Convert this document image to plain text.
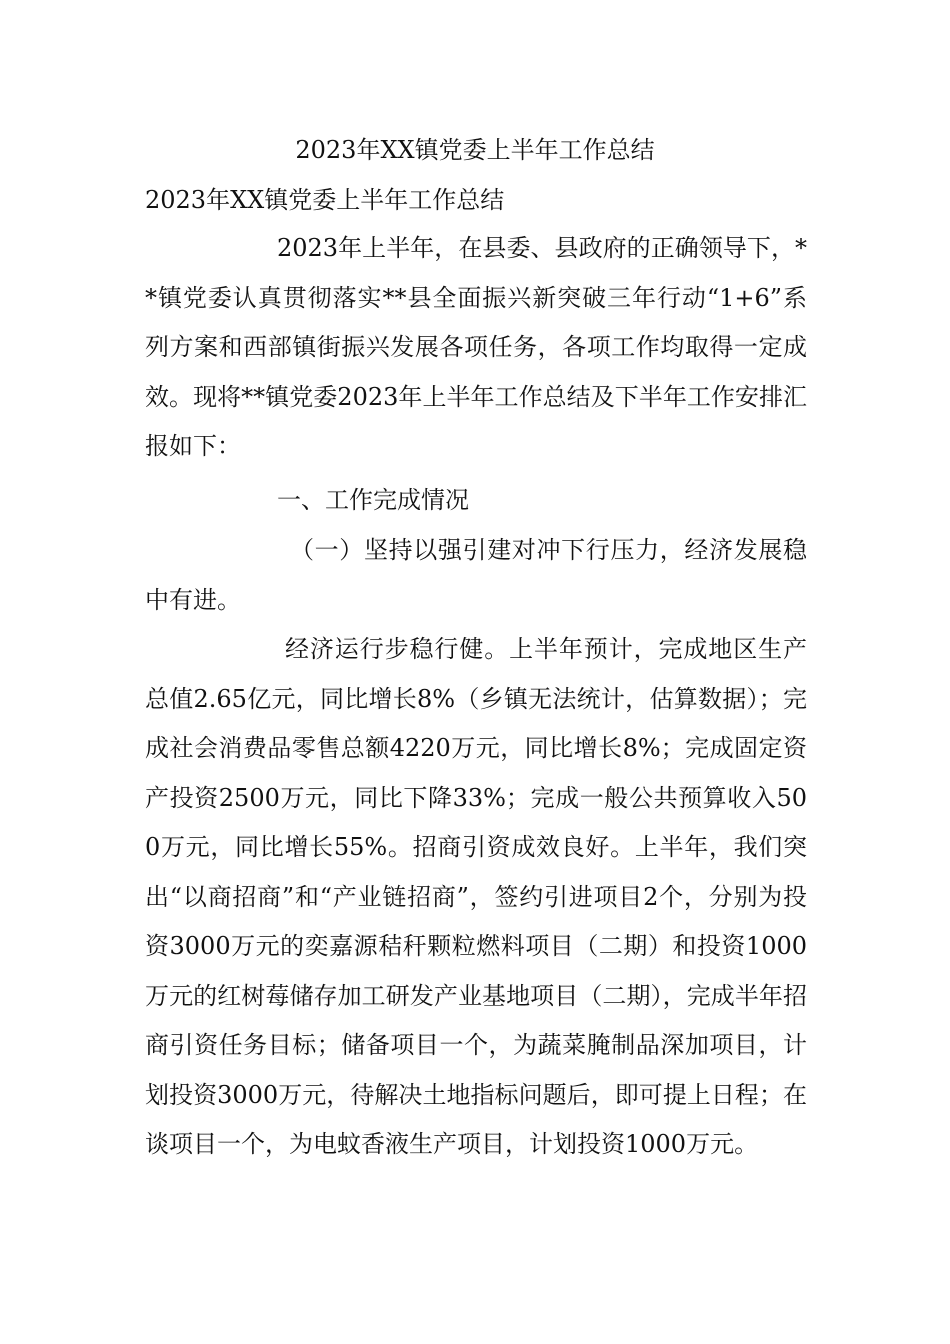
2023年XX镇党委上半年工作总结
2023年XX镇党委上半年工作总结
2023年上半年，在县委、县政府的正确领导下，**镇党委认真贯彻落实**县全面振兴新突破三年行动“1+6”系列方案和西部镇街振兴发展各项任务，各项工作均取得一定成效。现将**镇党委2023年上半年工作总结及下半年工作安排汇报如下：
一、工作完成情况
（一）坚持以强引建对冲下行压力，经济发展稳中有进。
经济运行步稳行健。上半年预计，完成地区生产总值2.65亿元，同比增长8%（乡镇无法统计，估算数据）；完成社会消费品零售总额4220万元，同比增长8%；完成固定资产投资2500万元，同比下降33%；完成一般公共预算收入500万元，同比增长55%。招商引资成效良好。上半年，我们突出“以商招商”和“产业链招商”，签约引进项目2个，分别为投资3000万元的奕嘉源秸秆颗粒燃料项目（二期）和投资1000万元的红树莓储存加工研发产业基地项目（二期），完成半年招商引资任务目标；储备项目一个，为蔬菜腌制品深加项目，计划投资3000万元，待解决土地指标问题后，即可提上日程；在谈项目一个，为电蚊香液生产项目，计划投资1000万元。
